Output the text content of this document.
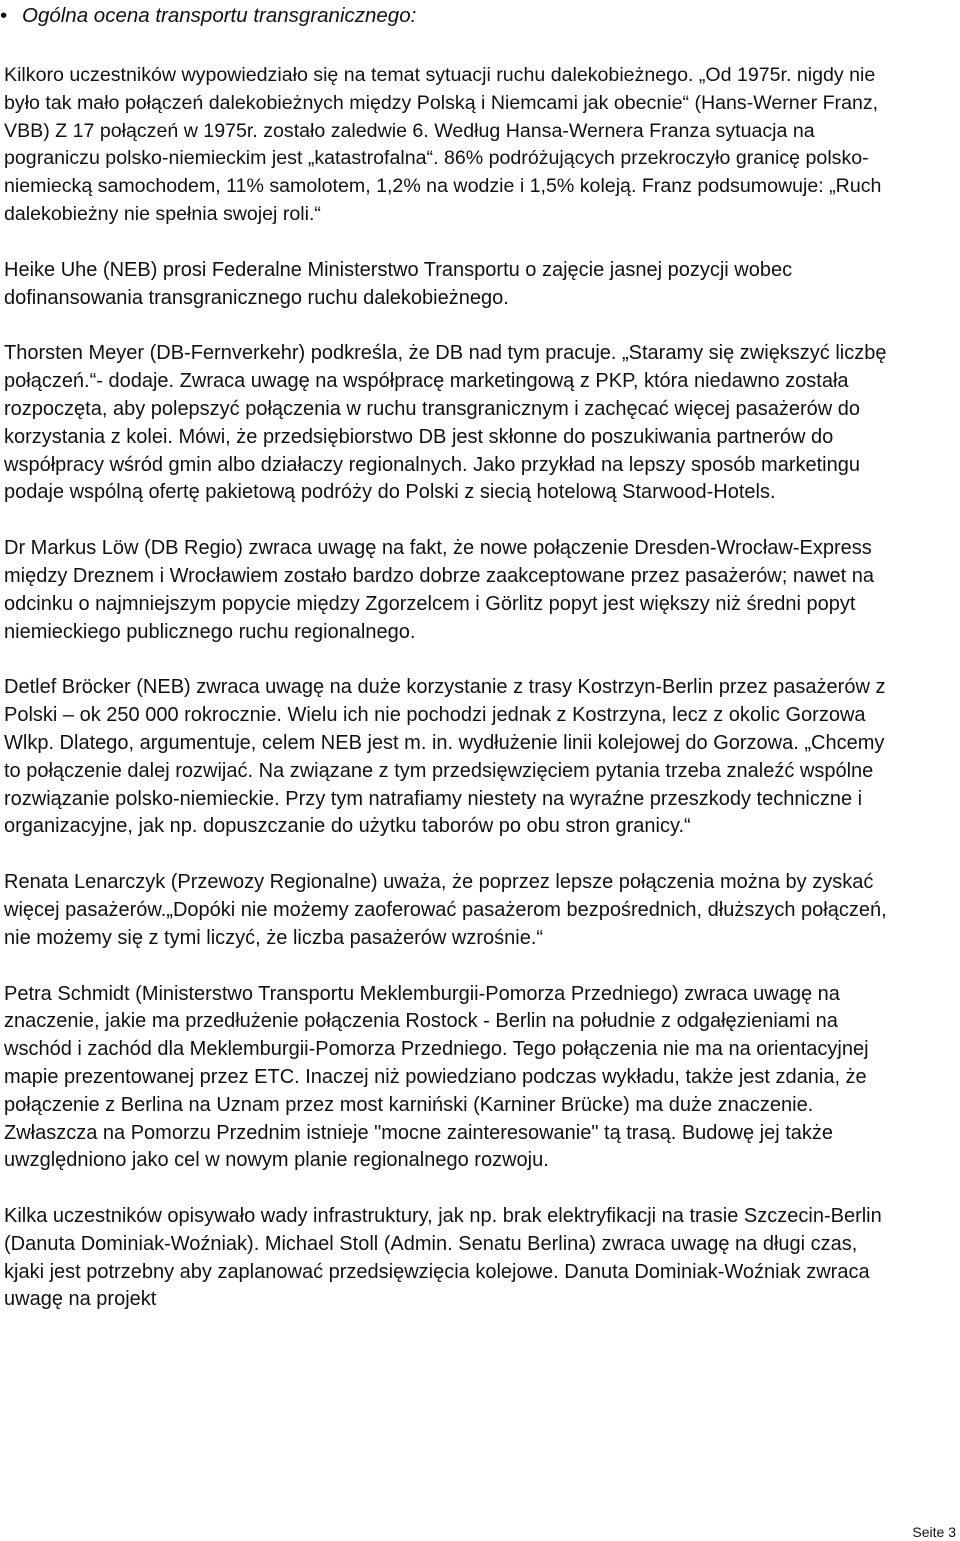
• Ogólna ocena transportu transgranicznego:

Kilkoro uczestników wypowiedziało się na temat sytuacji ruchu dalekobieżnego. „Od 1975r. nigdy nie było tak mało połączeń dalekobieżnych między Polską i Niemcami jak obecnie“ (Hans-Werner Franz, VBB) Z 17 połączeń w 1975r. zostało zaledwie 6. Według Hansa-Wernera Franza sytuacja na pograniczu polsko-niemieckim jest „katastrofalna“. 86% podróżujących przekroczyło granicę polsko-niemiecką samochodem, 11% samolotem, 1,2% na wodzie i 1,5% koleją. Franz podsumowuje: „Ruch dalekobieżny nie spełnia swojej roli.“

Heike Uhe (NEB) prosi Federalne Ministerstwo Transportu o zajęcie jasnej pozycji wobec dofinansowania transgranicznego ruchu dalekobieżnego.

Thorsten Meyer (DB-Fernverkehr) podkreśla, że DB nad tym pracuje. „Staramy się zwiększyć liczbę połączeń.“- dodaje. Zwraca uwagę na współpracę marketingową z PKP, która niedawno została rozpoczęta, aby polepszyć połączenia w ruchu transgranicznym i zachęcać więcej pasażerów do korzystania z kolei. Mówi, że przedsiębiorstwo DB jest skłonne do poszukiwania partnerów do współpracy wśród gmin albo działaczy regionalnych. Jako przykład na lepszy sposób marketingu podaje wspólną ofertę pakietową podróży do Polski z siecią hotelową Starwood-Hotels.

Dr Markus Löw (DB Regio) zwraca uwagę na fakt, że nowe połączenie Dresden-Wrocław-Express między Dreznem i Wrocławiem zostało bardzo dobrze zaakceptowane przez pasażerów; nawet na odcinku o najmniejszym popycie między Zgorzelcem i Görlitz popyt jest większy niż średni popyt niemieckiego publicznego ruchu regionalnego.

Detlef Bröcker (NEB) zwraca uwagę na duże korzystanie z trasy Kostrzyn-Berlin przez pasażerów z Polski – ok 250 000 rokrocznie. Wielu ich nie pochodzi jednak z Kostrzyna, lecz z okolic Gorzowa Wlkp. Dlatego, argumentuje, celem NEB jest m. in. wydłużenie linii kolejowej do Gorzowa. „Chcemy to połączenie dalej rozwijać. Na związane z tym przedsięwzięciem pytania trzeba znaleźć wspólne rozwiązanie polsko-niemieckie. Przy tym natrafiamy niestety na wyraźne przeszkody techniczne i organizacyjne, jak np. dopuszczanie do użytku taborów po obu stron granicy.“

Renata Lenarczyk (Przewozy Regionalne) uważa, że poprzez lepsze połączenia można by zyskać więcej pasażerów.„Dopóki nie możemy zaoferować pasażerom bezpośrednich, dłuższych połączeń, nie możemy się z tymi liczyć, że liczba pasażerów wzrośnie.“

Petra Schmidt (Ministerstwo Transportu Meklemburgii-Pomorza Przedniego) zwraca uwagę na znaczenie, jakie ma przedłużenie połączenia Rostock - Berlin na południe z odgałęzieniami na wschód i zachód dla Meklemburgii-Pomorza Przedniego. Tego połączenia nie ma na orientacyjnej mapie prezentowanej przez ETC. Inaczej niż powiedziano podczas wykładu, także jest zdania, że połączenie z Berlina na Uznam przez most karniński (Karniner Brücke) ma duże znaczenie. Zwłaszcza na Pomorzu Przednim istnieje "mocne zainteresowanie" tą trasą. Budowę jej także uwzględniono jako cel w nowym planie regionalnego rozwoju.

Kilka uczestników opisywało wady infrastruktury, jak np. brak elektryfikacji na trasie Szczecin-Berlin (Danuta Dominiak-Woźniak). Michael Stoll (Admin. Senatu Berlina) zwraca uwagę na długi czas, kjaki jest potrzebny aby zaplanować przedsięwzięcia kolejowe. Danuta Dominiak-Woźniak zwraca uwagę na projekt

Seite 3
